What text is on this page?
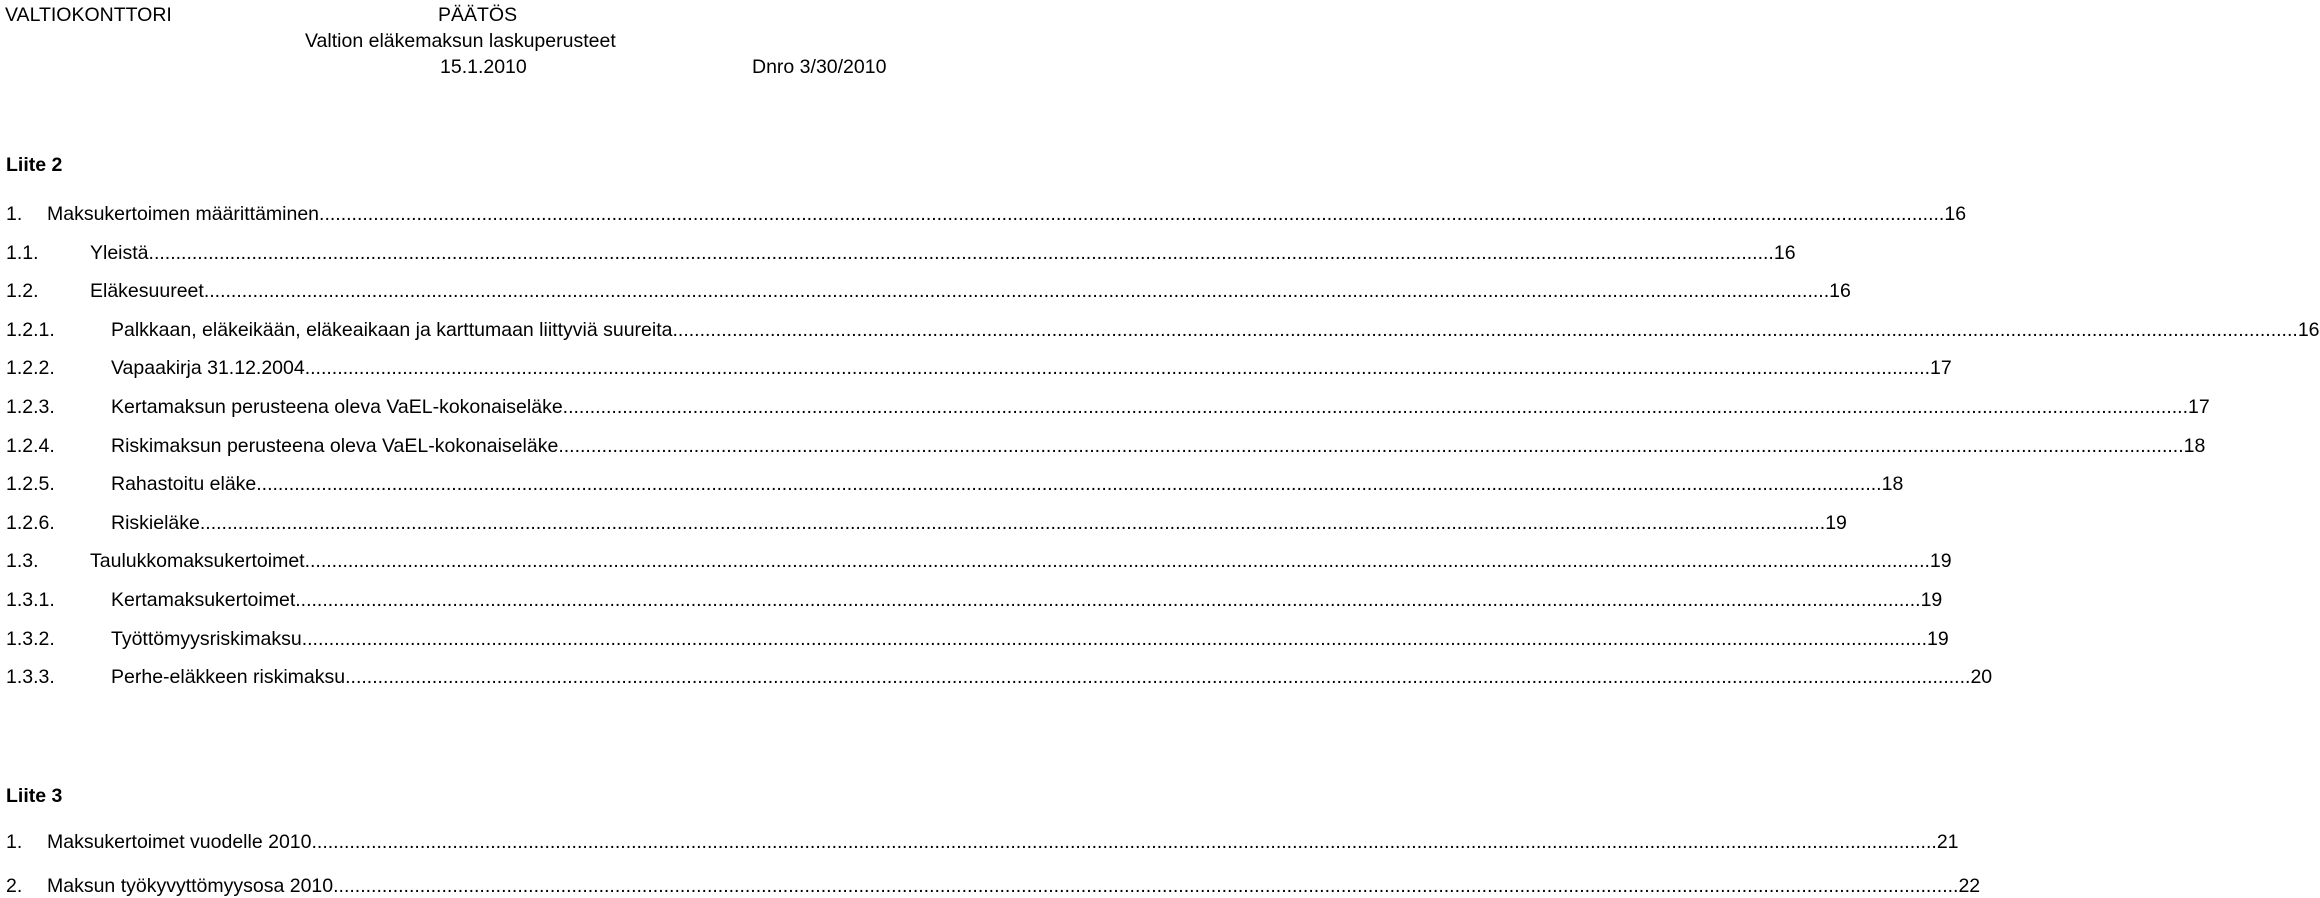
VALTIOKONTTORI	PÄÄTÖS
Valtion eläkemaksun laskuperusteet
15.1.2010	Dnro 3/30/2010
Liite 2
1. Maksukertoimen määrittäminen ............................................................................................................................................................................................................................................................................................................ 16
1.1.	Yleistä ............................................................................................................................................................................................................................................................................................................ 16
1.2.	Eläkesuureet ............................................................................................................................................................................................................................................................................................................ 16
1.2.1.	Palkkaan, eläkeikään, eläkeaikaan ja karttumaan liittyviä suureita ............................................................................................................................................................................................................................................................................................................ 16
1.2.2.	Vapaakirja 31.12.2004 ............................................................................................................................................................................................................................................................................................................ 17
1.2.3.	Kertamaksun perusteena oleva VaEL-kokonaiseläke ............................................................................................................................................................................................................................................................................................................ 17
1.2.4.	Riskimaksun perusteena oleva VaEL-kokonaiseläke ............................................................................................................................................................................................................................................................................................................ 18
1.2.5.	Rahastoitu eläke ............................................................................................................................................................................................................................................................................................................ 18
1.2.6.	Riskieläke ............................................................................................................................................................................................................................................................................................................ 19
1.3.	Taulukkomaksukertoimet ............................................................................................................................................................................................................................................................................................................ 19
1.3.1.	Kertamaksukertoimet ............................................................................................................................................................................................................................................................................................................ 19
1.3.2.	Työttömyysriskimaksu ............................................................................................................................................................................................................................................................................................................ 19
1.3.3.	Perhe-eläkkeen riskimaksu ............................................................................................................................................................................................................................................................................................................ 20
Liite 3
1. Maksukertoimet vuodelle 2010 ............................................................................................................................................................................................................................................................................................................ 21
2. Maksun työkyvyttömyysosa 2010 ............................................................................................................................................................................................................................................................................................................ 22
